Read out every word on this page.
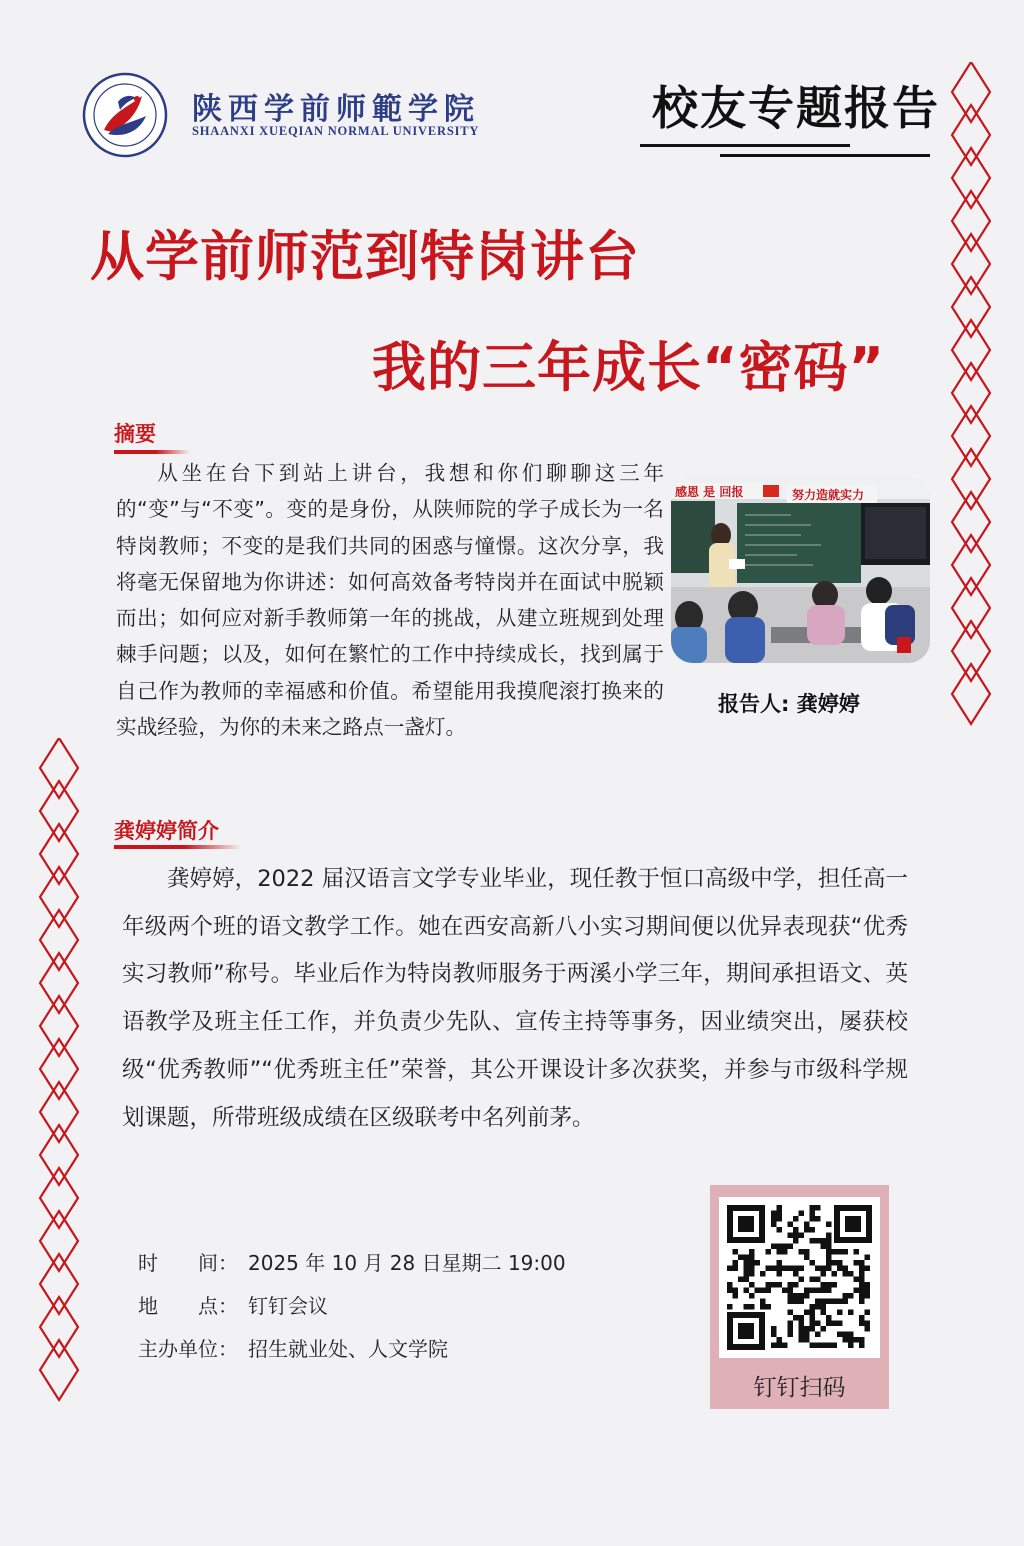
陕西学前师範学院
SHAANXI XUEQIAN NORMAL UNIVERSITY	校友专题报告
从学前师范到特岗讲台
我的三年成长“密码”
摘要
从坐在台下到站上讲台，我想和你们聊聊这三年的“变”与“不变”。变的是身份，从陕师院的学子成长为一名特岗教师；不变的是我们共同的困惑与憧憬。这次分享，我将毫无保留地为你讲述：如何高效备考特岗并在面试中脱颖而出；如何应对新手教师第一年的挑战，从建立班规到处理棘手问题；以及，如何在繁忙的工作中持续成长，找到属于自己作为教师的幸福感和价值。希望能用我摸爬滚打换来的实战经验，为你的未来之路点一盏灯。
感恩 是 回报	努力造就实力
报告人: 龚婷婷
龚婷婷简介
龚婷婷，2022 届汉语言文学专业毕业，现任教于恒口高级中学，担任高一年级两个班的语文教学工作。她在西安高新八小实习期间便以优异表现获“优秀实习教师”称号。毕业后作为特岗教师服务于两溪小学三年，期间承担语文、英语教学及班主任工作，并负责少先队、宣传主持等事务，因业绩突出，屡获校级“优秀教师”“优秀班主任”荣誉，其公开课设计多次获奖，并参与市级科学规划课题，所带班级成绩在区级联考中名列前茅。
时　　间： 2025 年 10 月 28 日星期二 19:00
地　　点： 钉钉会议
主办单位： 招生就业处、人文学院
钉钉扫码
